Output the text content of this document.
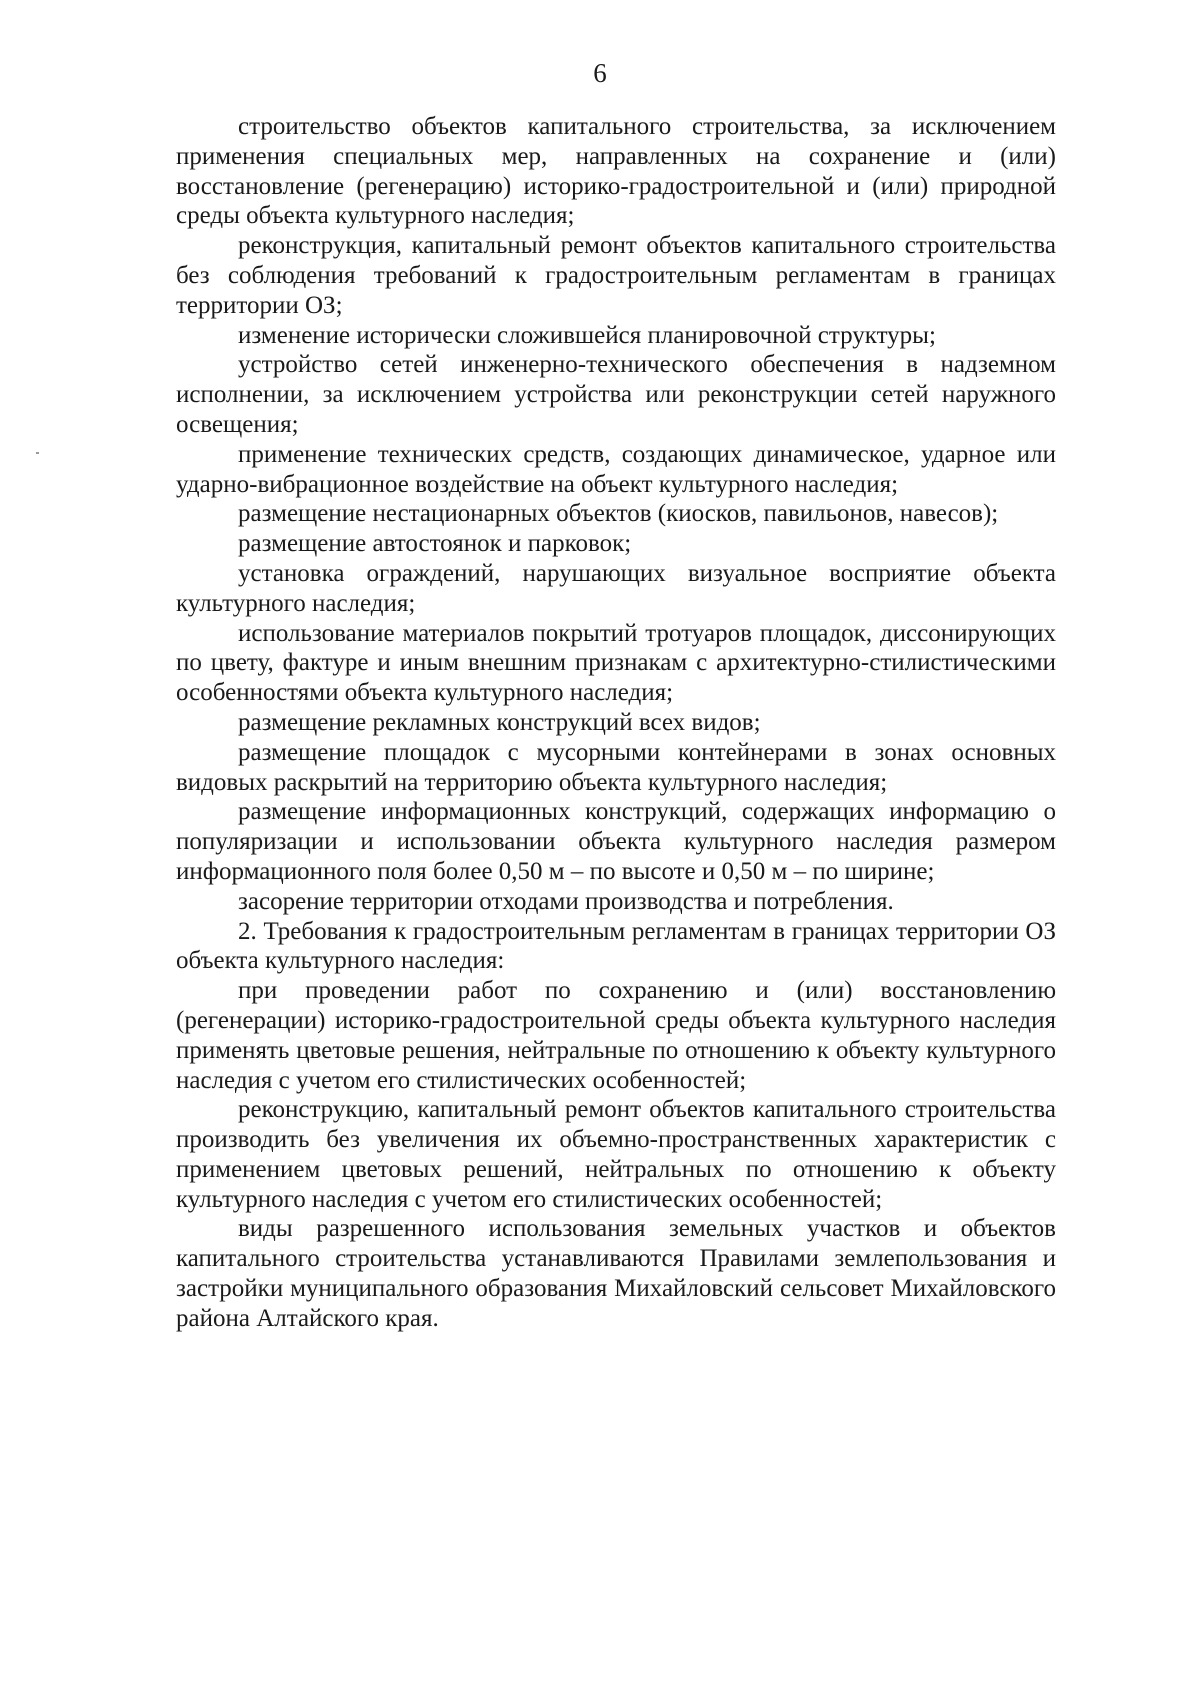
6

строительство объектов капитального строительства, за исключением применения специальных мер, направленных на сохранение и (или) восстановление (регенерацию) историко-градостроительной и (или) природной среды объекта культурного наследия;

реконструкция, капитальный ремонт объектов капитального строительства без соблюдения требований к градостроительным регламентам в границах территории ОЗ;

изменение исторически сложившейся планировочной структуры;

устройство сетей инженерно-технического обеспечения в надземном исполнении, за исключением устройства или реконструкции сетей наружного освещения;

применение технических средств, создающих динамическое, ударное или ударно-вибрационное воздействие на объект культурного наследия;

размещение нестационарных объектов (киосков, павильонов, навесов);

размещение автостоянок и парковок;

установка ограждений, нарушающих визуальное восприятие объекта культурного наследия;

использование материалов покрытий тротуаров площадок, диссонирующих по цвету, фактуре и иным внешним признакам с архитектурно-стилистическими особенностями объекта культурного наследия;

размещение рекламных конструкций всех видов;

размещение площадок с мусорными контейнерами в зонах основных видовых раскрытий на территорию объекта культурного наследия;

размещение информационных конструкций, содержащих информацию о популяризации и использовании объекта культурного наследия размером информационного поля более 0,50 м – по высоте и 0,50 м – по ширине;

засорение территории отходами производства и потребления.

2. Требования к градостроительным регламентам в границах территории ОЗ объекта культурного наследия:

при проведении работ по сохранению и (или) восстановлению (регенерации) историко-градостроительной среды объекта культурного наследия применять цветовые решения, нейтральные по отношению к объекту культурного наследия с учетом его стилистических особенностей;

реконструкцию, капитальный ремонт объектов капитального строительства производить без увеличения их объемно-пространственных характеристик с применением цветовых решений, нейтральных по отношению к объекту культурного наследия с учетом его стилистических особенностей;

виды разрешенного использования земельных участков и объектов капитального строительства устанавливаются Правилами землепользования и застройки муниципального образования Михайловский сельсовет Михайловского района Алтайского края.
